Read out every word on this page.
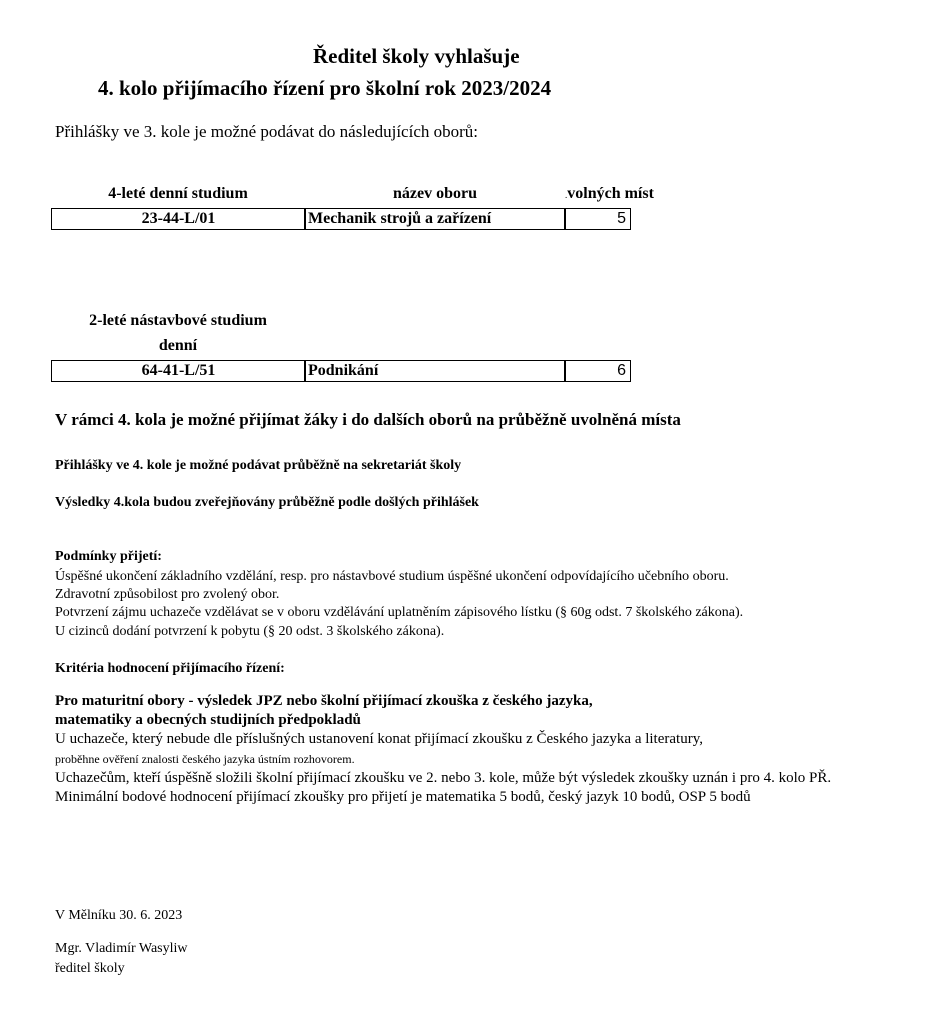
Ředitel školy vyhlašuje
4. kolo přijímacího řízení pro školní rok 2023/2024
Přihlášky ve 3. kole je možné podávat do následujících oborů:
4-leté denní studium	název oboru	.volných míst
23-44-L/01	Mechanik strojů a zařízení	5
2-leté nástavbové studium
denní
64-41-L/51	Podnikání	6
V rámci 4. kola je možné přijímat žáky i do dalších oborů na průběžně uvolněná místa
Přihlášky ve 4. kole je možné podávat průběžně na sekretariát školy
Výsledky 4.kola budou zveřejňovány průběžně podle došlých přihlášek
Podmínky přijetí:
Úspěšné ukončení základního vzdělání, resp. pro nástavbové studium úspěšné ukončení odpovídajícího učebního oboru.
Zdravotní způsobilost pro zvolený obor.
Potvrzení zájmu uchazeče vzdělávat se v oboru vzdělávání uplatněním zápisového lístku (§ 60g odst. 7 školského zákona).
U cizinců dodání potvrzení k pobytu (§ 20 odst. 3 školského zákona).
Kritéria hodnocení přijímacího řízení:
Pro maturitní obory - výsledek JPZ nebo školní přijímací zkouška z českého jazyka,
matematiky a obecných studijních předpokladů
U uchazeče, který nebude dle příslušných ustanovení konat přijímací zkoušku z Českého jazyka a literatury,
proběhne ověření znalosti českého jazyka ústním rozhovorem.
Uchazečům, kteří úspěšně složili školní přijímací zkoušku ve 2. nebo 3. kole, může být výsledek zkoušky uznán i pro 4. kolo PŘ.
Minimální bodové hodnocení přijímací zkoušky pro přijetí je matematika 5 bodů, český jazyk 10 bodů, OSP 5 bodů
V Mělníku 30. 6. 2023
Mgr. Vladimír Wasyliw
ředitel školy
